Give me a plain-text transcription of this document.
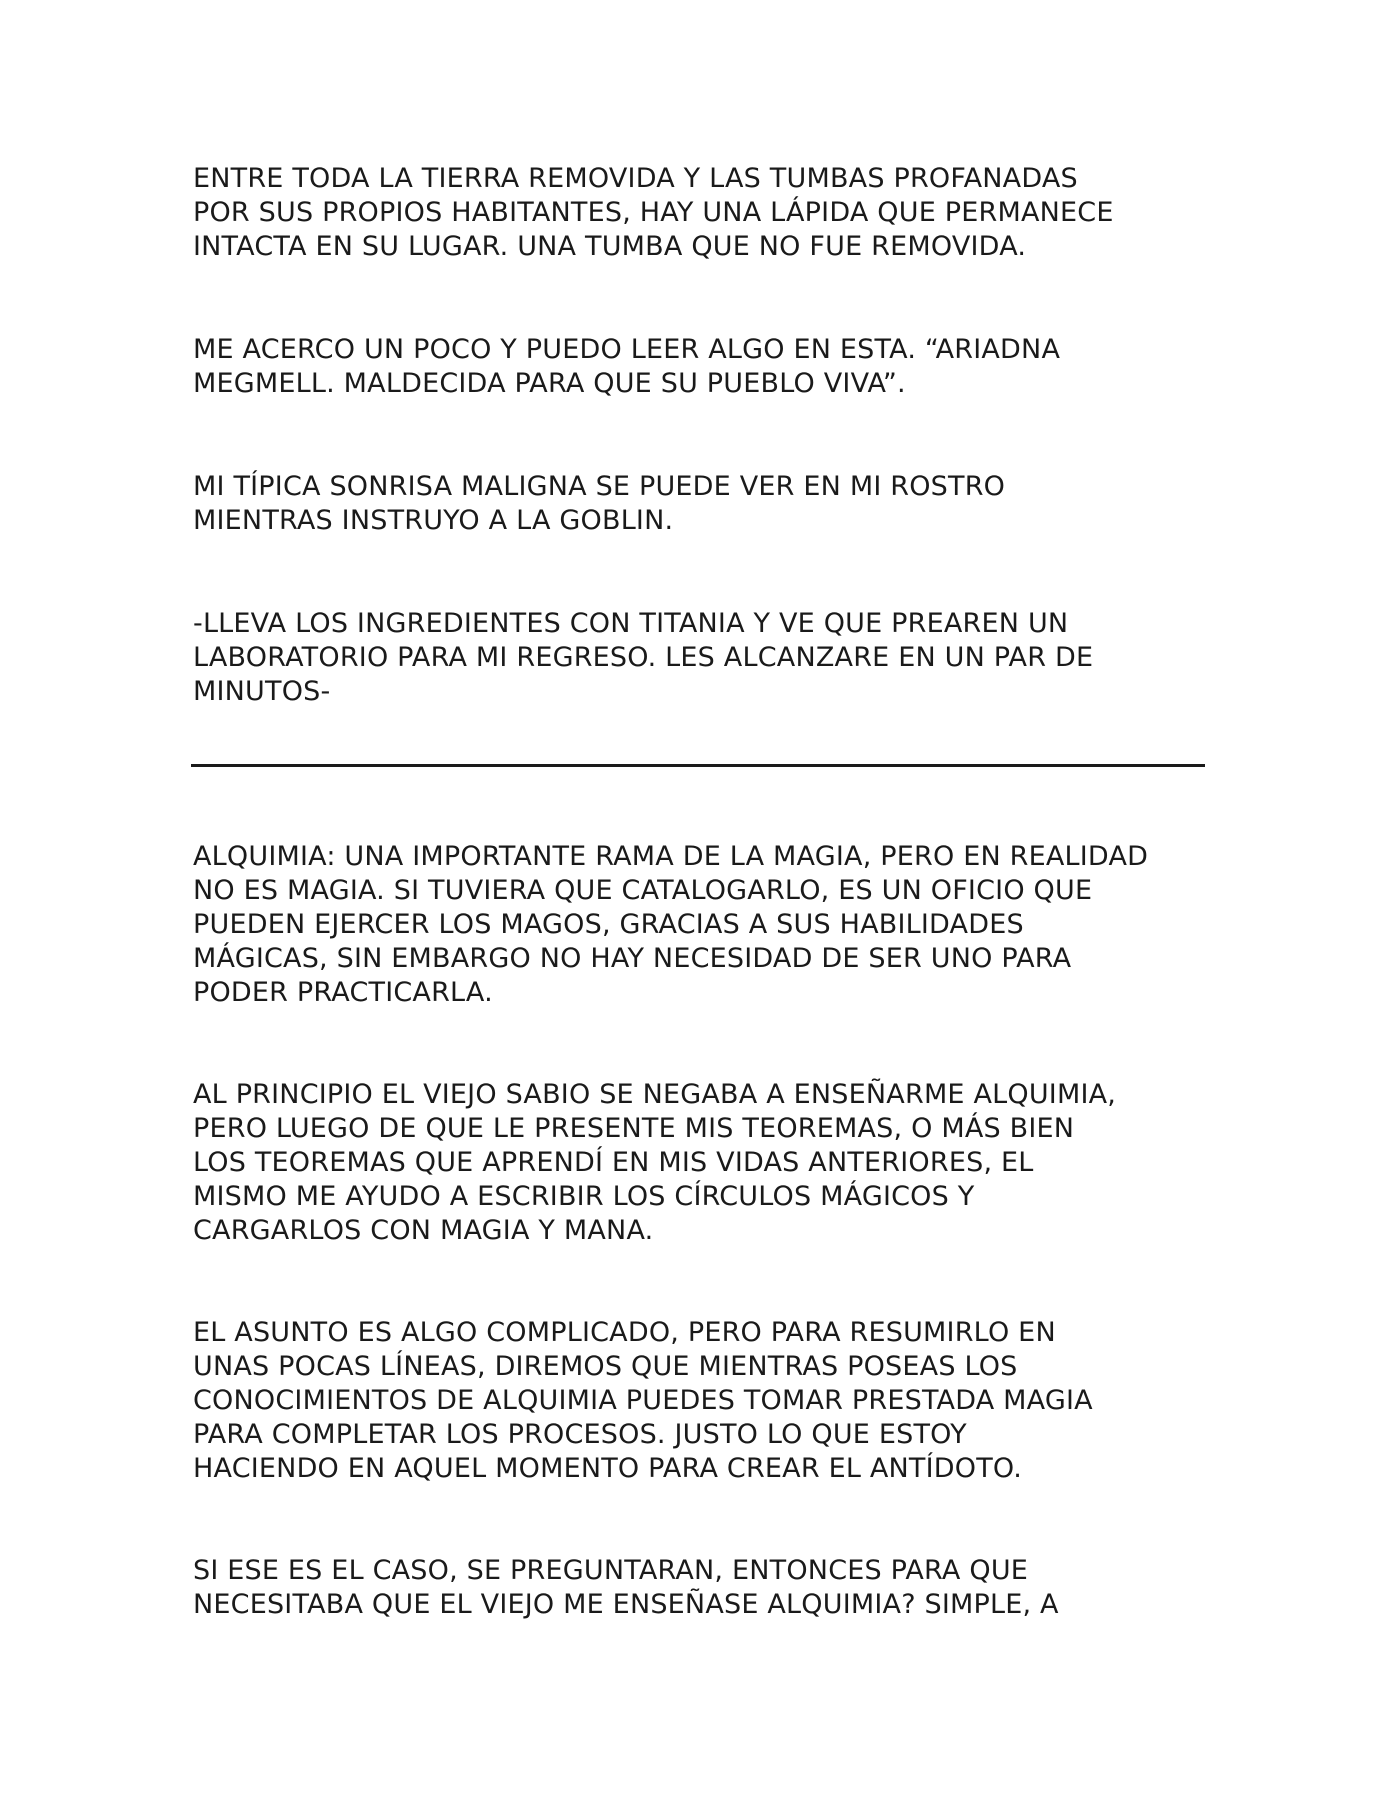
ENTRE TODA LA TIERRA REMOVIDA Y LAS TUMBAS PROFANADAS
POR SUS PROPIOS HABITANTES, HAY UNA LÁPIDA QUE PERMANECE
INTACTA EN SU LUGAR. UNA TUMBA QUE NO FUE REMOVIDA.

ME ACERCO UN POCO Y PUEDO LEER ALGO EN ESTA. “ARIADNA
MEGMELL. MALDECIDA PARA QUE SU PUEBLO VIVA”.

MI TÍPICA SONRISA MALIGNA SE PUEDE VER EN MI ROSTRO
MIENTRAS INSTRUYO A LA GOBLIN.

-LLEVA LOS INGREDIENTES CON TITANIA Y VE QUE PREAREN UN
LABORATORIO PARA MI REGRESO. LES ALCANZARE EN UN PAR DE
MINUTOS-

ALQUIMIA: UNA IMPORTANTE RAMA DE LA MAGIA, PERO EN REALIDAD
NO ES MAGIA. SI TUVIERA QUE CATALOGARLO, ES UN OFICIO QUE
PUEDEN EJERCER LOS MAGOS, GRACIAS A SUS HABILIDADES
MÁGICAS, SIN EMBARGO NO HAY NECESIDAD DE SER UNO PARA
PODER PRACTICARLA.

AL PRINCIPIO EL VIEJO SABIO SE NEGABA A ENSEÑARME ALQUIMIA,
PERO LUEGO DE QUE LE PRESENTE MIS TEOREMAS, O MÁS BIEN
LOS TEOREMAS QUE APRENDÍ EN MIS VIDAS ANTERIORES, EL
MISMO ME AYUDO A ESCRIBIR LOS CÍRCULOS MÁGICOS Y
CARGARLOS CON MAGIA Y MANA.

EL ASUNTO ES ALGO COMPLICADO, PERO PARA RESUMIRLO EN
UNAS POCAS LÍNEAS, DIREMOS QUE MIENTRAS POSEAS LOS
CONOCIMIENTOS DE ALQUIMIA PUEDES TOMAR PRESTADA MAGIA
PARA COMPLETAR LOS PROCESOS. JUSTO LO QUE ESTOY
HACIENDO EN AQUEL MOMENTO PARA CREAR EL ANTÍDOTO.

SI ESE ES EL CASO, SE PREGUNTARAN, ENTONCES PARA QUE
NECESITABA QUE EL VIEJO ME ENSEÑASE ALQUIMIA? SIMPLE, A
